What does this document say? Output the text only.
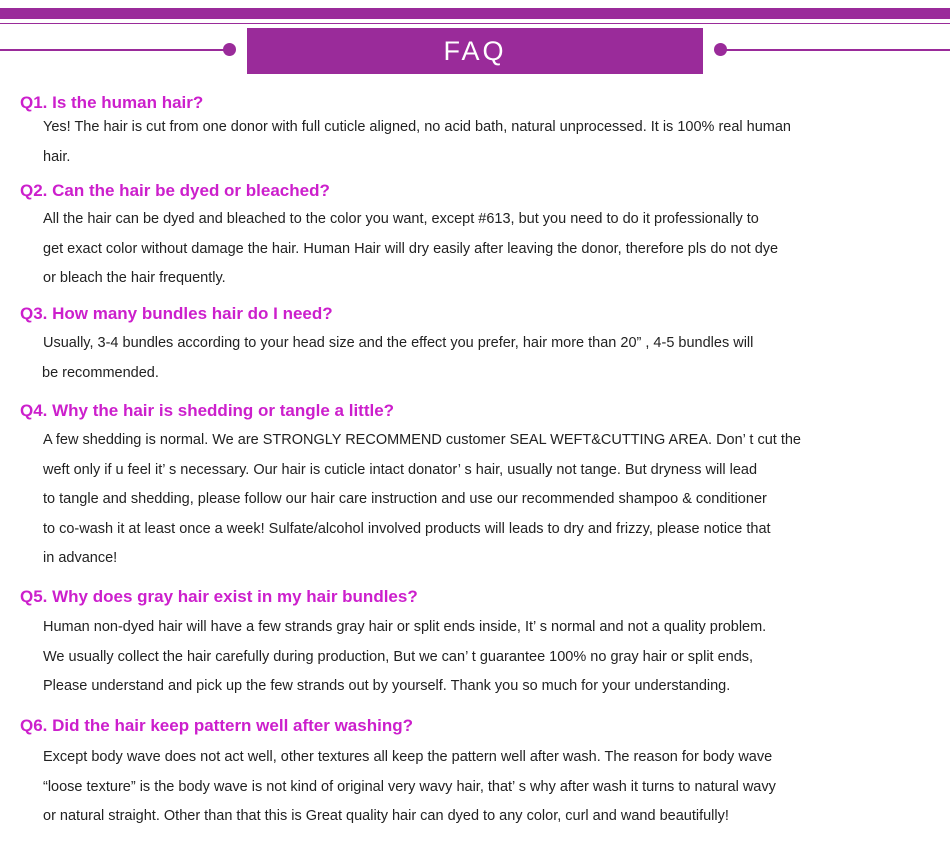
FAQ
Q1. Is the human hair?
Yes! The hair is cut from one donor with full cuticle aligned, no acid bath, natural unprocessed. It is 100% real human
hair.
Q2. Can the hair be dyed or bleached?
All the hair can be dyed and bleached to the color you want, except #613, but you need to do it professionally to
get exact color without damage the hair. Human Hair will dry easily after leaving the donor, therefore pls do not dye
or bleach the hair frequently.
Q3. How many bundles hair do I need?
Usually, 3-4 bundles according to your head size and the effect you prefer, hair more than 20” , 4-5 bundles will
be recommended.
Q4. Why the hair is shedding or tangle a little?
A few shedding is normal. We are STRONGLY RECOMMEND customer SEAL WEFT&CUTTING AREA. Don’ t cut the
weft only if u feel it’ s necessary. Our hair is cuticle intact donator’ s hair, usually not tange. But dryness will lead
to tangle and shedding, please follow our hair care instruction and use our recommended shampoo & conditioner
to co-wash it at least once a week! Sulfate/alcohol involved products will leads to dry and frizzy, please notice that
in advance!
Q5. Why does gray hair exist in my hair bundles?
Human non-dyed hair will have a few strands gray hair or split ends inside, It’ s normal and not a quality problem.
We usually collect the hair carefully during production, But we can’ t guarantee 100% no gray hair or split ends,
Please understand and pick up the few strands out by yourself. Thank you so much for your understanding.
Q6. Did the hair keep pattern well after washing?
Except body wave does not act well, other textures all keep the pattern well after wash. The reason for body wave
“loose texture” is the body wave is not kind of original very wavy hair, that’ s why after wash it turns to natural wavy
or natural straight. Other than that this is Great quality hair can dyed to any color, curl and wand beautifully!
